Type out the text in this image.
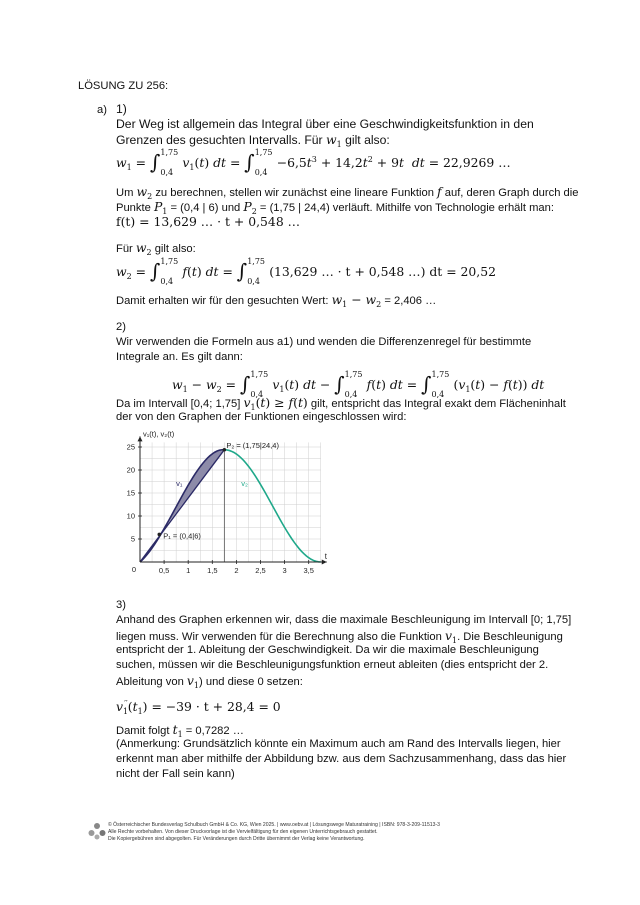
LÖSUNG ZU 256:
a) 1)
Der Weg ist allgemein das Integral über eine Geschwindigkeitsfunktion in den
Grenzen des gesuchten Intervalls. Für $w_1$ gilt also:
$w_1$ = ∫ 1,75
0,4
$v_1(t)$ dt = ∫ 1,75
0,4
$-6,5t^3 + 14,2t^2 + 9t$ dt = 22,9269 …
Um $w_2$ zu berechnen, stellen wir zunächst eine lineare Funktion f auf, deren Graph durch die
Punkte $P_1 = (0,4$ | 6) und $P_2 = (1,75$ | 24,4) verläuft. Mithilfe von Technologie erhält man:
f(t) = 13,629 … · t + 0,548 …
Für $w_2$ gilt also:
$w_2$ = ∫ 1,75
0,4
f(t) dt = ∫ 1,75
0,4
(13,629 … · t + 0,548 …) dt = 20,52
Damit erhalten wir für den gesuchten Wert: $w_1 - w_2 = 2,406$ …
2)
Wir verwenden die Formeln aus a1) und wenden die Differenzenregel für bestimmte
Integrale an. Es gilt dann:
$w_1 - w_2$ = ∫ 1,75
0,4
$v_1(t)$ dt − ∫ 1,75
0,4
f(t) dt = ∫ 1,75
0,4
$(v_1(t) - f(t))$ dt
Da im Intervall [0,4; 1,75] $v_1(t) \ge f(t)$ gilt, entspricht das Integral exakt dem Flächeninhalt
der von den Graphen der Funktionen eingeschlossen wird:
0,5 1 1,5 2 2,5 3 3,5
5
10
15
20
25
P₁ = (0,4|6)
P₂ = (1,75|24,4)
v₁	v₂
v₁(t), v₂(t)
t
0
3)
Anhand des Graphen erkennen wir, dass die maximale Beschleunigung im Intervall [0; 1,75]
liegen muss. Wir verwenden für die Berechnung also die Funktion $v_1$. Die Beschleunigung
entspricht der 1. Ableitung der Geschwindigkeit. Da wir die maximale Beschleunigung
suchen, müssen wir die Beschleunigungsfunktion erneut ableiten (dies entspricht der 2.
Ableitung von $v_1$) und diese 0 setzen:
$v_1''(t_1) = -39 \cdot t + 28,4 = 0$
Damit folgt $t_1 = 0,7282$ …
(Anmerkung: Grundsätzlich könnte ein Maximum auch am Rand des Intervalls liegen, hier
erkennt man aber mithilfe der Abbildung bzw. aus dem Sachzusammenhang, dass das hier
nicht der Fall sein kann)
© Österreichischer Bundesverlag Schulbuch GmbH & Co. KG, Wien 2025. | www.oebv.at | Lösungswege Maturatraining | ISBN: 978-3-209-11513-3
Alle Rechte vorbehalten. Von dieser Druckvorlage ist die Vervielfältigung für den eigenen Unterrichtsgebrauch gestattet.
Die Kopiergebühren sind abgegolten. Für Veränderungen durch Dritte übernimmt der Verlag keine Verantwortung.
